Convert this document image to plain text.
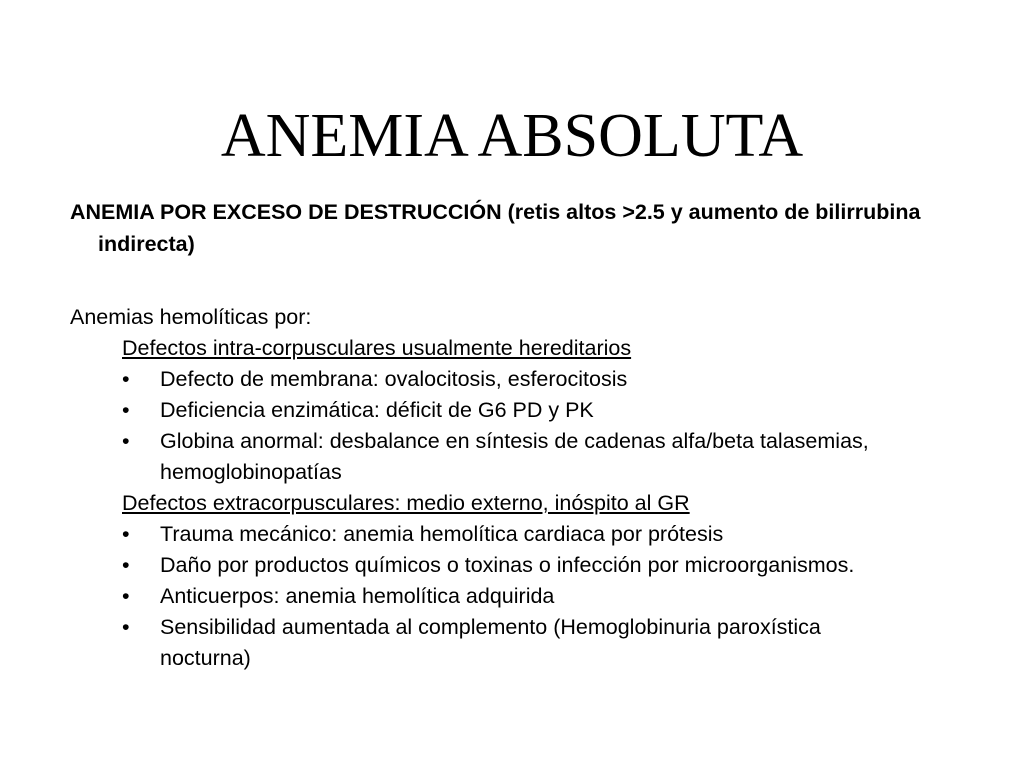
ANEMIA ABSOLUTA

ANEMIA POR EXCESO DE DESTRUCCIÓN (retis altos >2.5 y aumento de bilirrubina indirecta)

Anemias hemolíticas por:

Defectos intra-corpusculares usualmente hereditarios

•	Defecto de membrana: ovalocitosis, esferocitosis
•	Deficiencia enzimática: déficit de G6 PD y PK
•	Globina anormal: desbalance en síntesis de cadenas alfa/beta talasemias, hemoglobinopatías

Defectos extracorpusculares: medio externo, inóspito al GR

•	Trauma mecánico: anemia hemolítica cardiaca por prótesis
•	Daño por productos químicos o toxinas o infección por microorganismos.
•	Anticuerpos: anemia hemolítica adquirida
•	Sensibilidad aumentada al complemento (Hemoglobinuria paroxística nocturna)
